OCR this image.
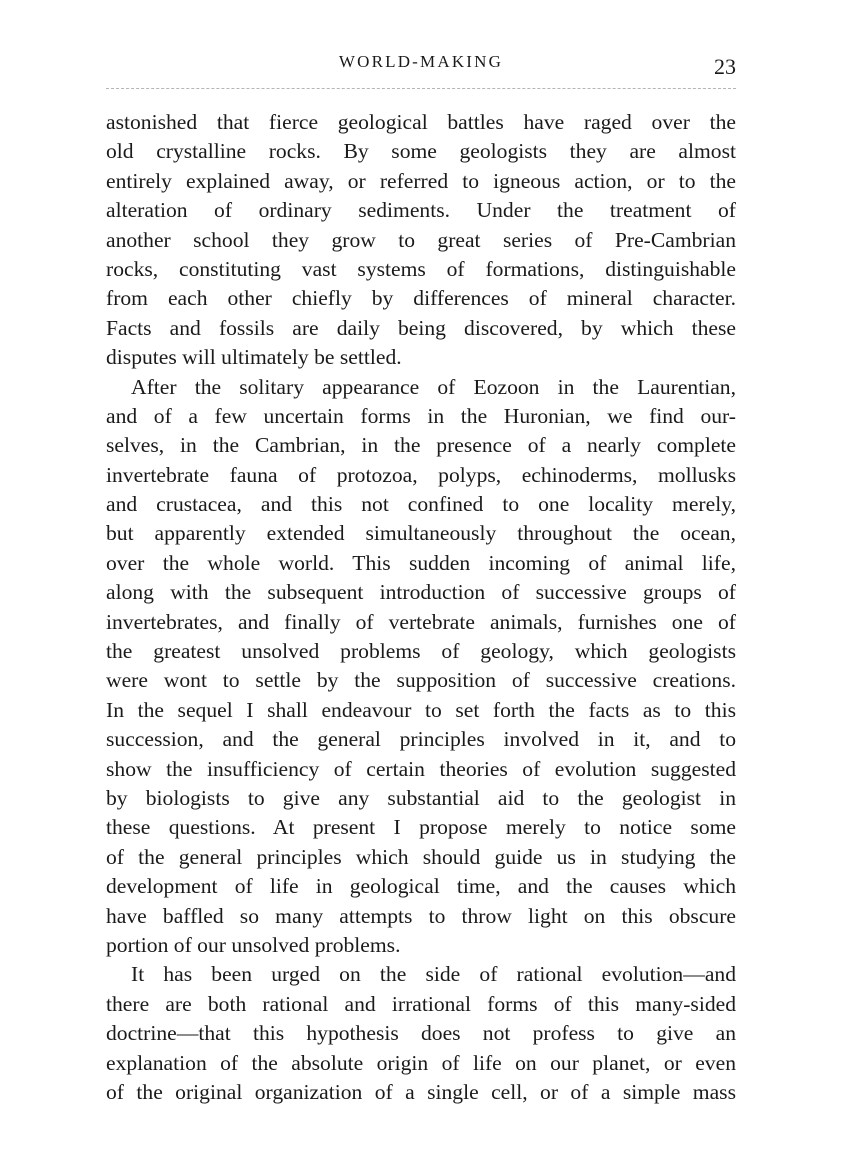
WORLD-MAKING	23

astonished that fierce geological battles have raged over the
old crystalline rocks. By some geologists they are almost
entirely explained away, or referred to igneous action, or to the
alteration of ordinary sediments. Under the treatment of
another school they grow to great series of Pre-Cambrian
rocks, constituting vast systems of formations, distinguishable
from each other chiefly by differences of mineral character.
Facts and fossils are daily being discovered, by which these
disputes will ultimately be settled.

After the solitary appearance of Eozoon in the Laurentian,
and of a few uncertain forms in the Huronian, we find our-
selves, in the Cambrian, in the presence of a nearly complete
invertebrate fauna of protozoa, polyps, echinoderms, mollusks
and crustacea, and this not confined to one locality merely,
but apparently extended simultaneously throughout the ocean,
over the whole world. This sudden incoming of animal life,
along with the subsequent introduction of successive groups of
invertebrates, and finally of vertebrate animals, furnishes one of
the greatest unsolved problems of geology, which geologists
were wont to settle by the supposition of successive creations.
In the sequel I shall endeavour to set forth the facts as to this
succession, and the general principles involved in it, and to
show the insufficiency of certain theories of evolution suggested
by biologists to give any substantial aid to the geologist in
these questions. At present I propose merely to notice some
of the general principles which should guide us in studying the
development of life in geological time, and the causes which
have baffled so many attempts to throw light on this obscure
portion of our unsolved problems.

It has been urged on the side of rational evolution—and
there are both rational and irrational forms of this many-sided
doctrine—that this hypothesis does not profess to give an
explanation of the absolute origin of life on our planet, or even
of the original organization of a single cell, or of a simple mass
